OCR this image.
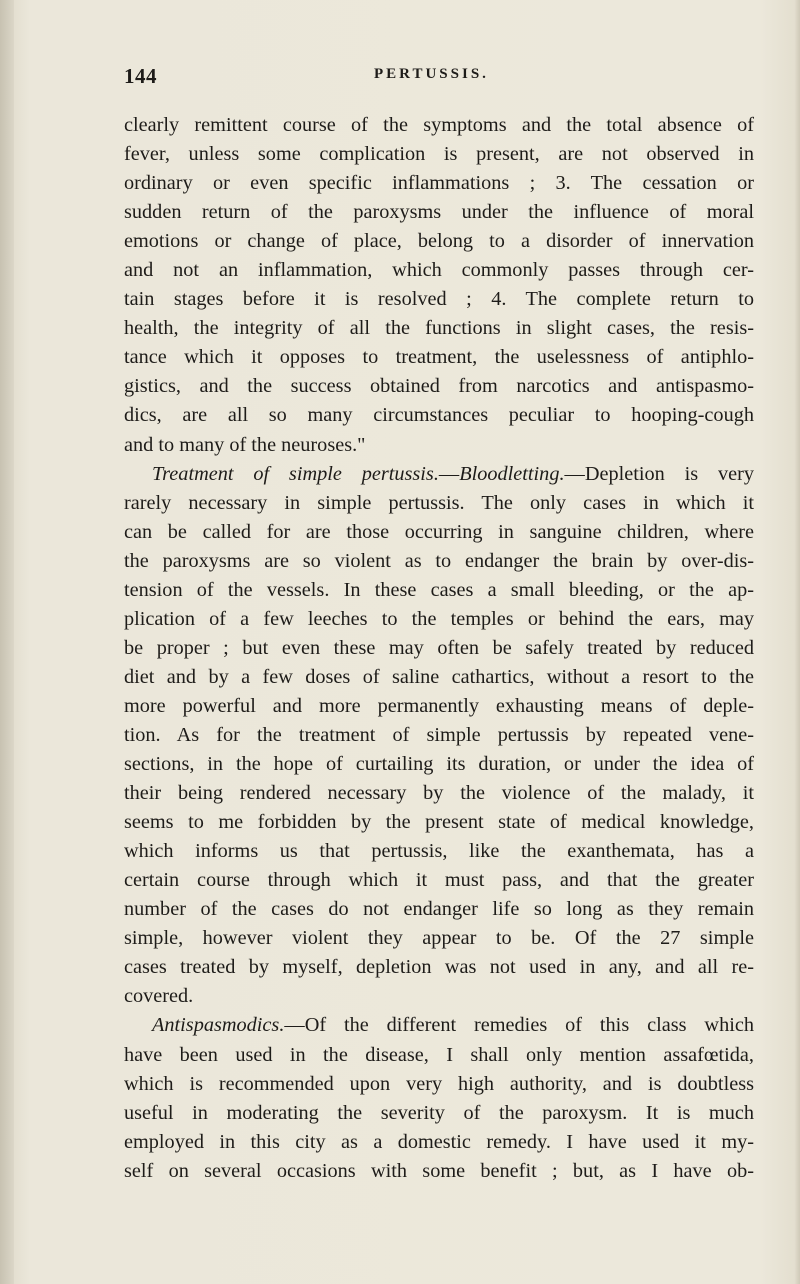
144	PERTUSSIS.
clearly remittent course of the symptoms and the total absence of
fever, unless some complication is present, are not observed in
ordinary or even specific inflammations ; 3. The cessation or
sudden return of the paroxysms under the influence of moral
emotions or change of place, belong to a disorder of innervation
and not an inflammation, which commonly passes through cer-
tain stages before it is resolved ; 4. The complete return to
health, the integrity of all the functions in slight cases, the resis-
tance which it opposes to treatment, the uselessness of antiphlo-
gistics, and the success obtained from narcotics and antispasmo-
dics, are all so many circumstances peculiar to hooping-cough
and to many of the neuroses."
Treatment of simple pertussis.—Bloodletting.—Depletion is very
rarely necessary in simple pertussis. The only cases in which it
can be called for are those occurring in sanguine children, where
the paroxysms are so violent as to endanger the brain by over-dis-
tension of the vessels. In these cases a small bleeding, or the ap-
plication of a few leeches to the temples or behind the ears, may
be proper ; but even these may often be safely treated by reduced
diet and by a few doses of saline cathartics, without a resort to the
more powerful and more permanently exhausting means of deple-
tion. As for the treatment of simple pertussis by repeated vene-
sections, in the hope of curtailing its duration, or under the idea of
their being rendered necessary by the violence of the malady, it
seems to me forbidden by the present state of medical knowledge,
which informs us that pertussis, like the exanthemata, has a
certain course through which it must pass, and that the greater
number of the cases do not endanger life so long as they remain
simple, however violent they appear to be. Of the 27 simple
cases treated by myself, depletion was not used in any, and all re-
covered.
Antispasmodics.—Of the different remedies of this class which
have been used in the disease, I shall only mention assafœtida,
which is recommended upon very high authority, and is doubtless
useful in moderating the severity of the paroxysm. It is much
employed in this city as a domestic remedy. I have used it my-
self on several occasions with some benefit ; but, as I have ob-
